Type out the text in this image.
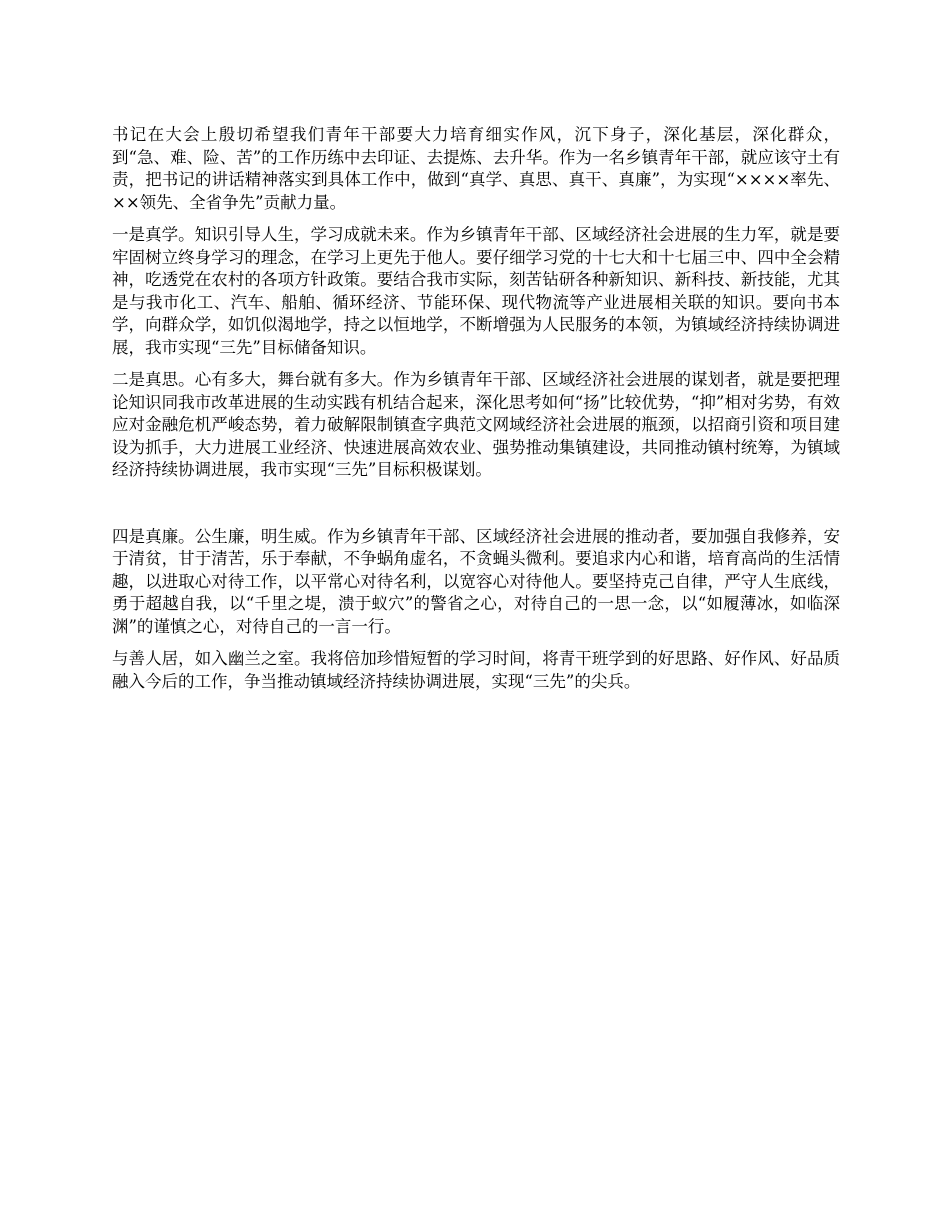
书记在大会上殷切希望我们青年干部要大力培育细实作风，沉下身子，深化基层，深化群众，到“急、难、险、苦”的工作历练中去印证、去提炼、去升华。作为一名乡镇青年干部，就应该守土有责，把书记的讲话精神落实到具体工作中，做到“真学、真思、真干、真廉”，为实现“××××率先、××领先、全省争先”贡献力量。

一是真学。知识引导人生，学习成就未来。作为乡镇青年干部、区域经济社会进展的生力军，就是要牢固树立终身学习的理念，在学习上更先于他人。要仔细学习党的十七大和十七届三中、四中全会精神，吃透党在农村的各项方针政策。要结合我市实际，刻苦钻研各种新知识、新科技、新技能，尤其是与我市化工、汽车、船舶、循环经济、节能环保、现代物流等产业进展相关联的知识。要向书本学，向群众学，如饥似渴地学，持之以恒地学，不断增强为人民服务的本领，为镇域经济持续协调进展，我市实现“三先”目标储备知识。

二是真思。心有多大，舞台就有多大。作为乡镇青年干部、区域经济社会进展的谋划者，就是要把理论知识同我市改革进展的生动实践有机结合起来，深化思考如何“扬”比较优势，“抑”相对劣势，有效应对金融危机严峻态势，着力破解限制镇查字典范文网域经济社会进展的瓶颈，以招商引资和项目建设为抓手，大力进展工业经济、快速进展高效农业、强势推动集镇建设，共同推动镇村统筹，为镇域经济持续协调进展，我市实现“三先”目标积极谋划。

四是真廉。公生廉，明生威。作为乡镇青年干部、区域经济社会进展的推动者，要加强自我修养，安于清贫，甘于清苦，乐于奉献，不争蜗角虚名，不贪蝇头微利。要追求内心和谐，培育高尚的生活情趣，以进取心对待工作，以平常心对待名利，以宽容心对待他人。要坚持克己自律，严守人生底线，勇于超越自我，以“千里之堤，溃于蚁穴”的警省之心，对待自己的一思一念，以“如履薄冰，如临深渊”的谨慎之心，对待自己的一言一行。

与善人居，如入幽兰之室。我将倍加珍惜短暂的学习时间，将青干班学到的好思路、好作风、好品质融入今后的工作，争当推动镇域经济持续协调进展，实现“三先”的尖兵。
